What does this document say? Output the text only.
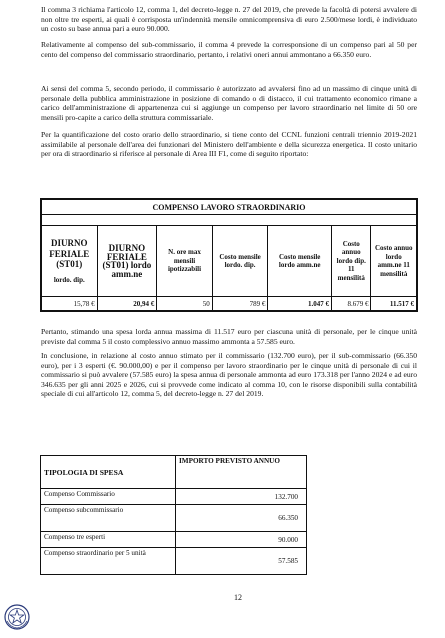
Il comma 3 richiama l'articolo 12, comma 1, del decreto-legge n. 27 del 2019, che prevede la facoltà di potersi avvalere di non oltre tre esperti, ai quali è corrisposta un'indennità mensile omnicomprensiva di euro 2.500/mese lordi, è individuato un costo su base annua pari a euro 90.000.

Relativamente al compenso del sub-commissario, il comma 4 prevede la corresponsione di un compenso pari al 50 per cento del compenso del commissario straordinario, pertanto, i relativi oneri annui ammontano a 66.350 euro.

Ai sensi del comma 5, secondo periodo, il commissario è autorizzato ad avvalersi fino ad un massimo di cinque unità di personale della pubblica amministrazione in posizione di comando o di distacco, il cui trattamento economico rimane a carico dell'amministrazione di appartenenza cui si aggiunge un compenso per lavoro straordinario nel limite di 50 ore mensili pro-capite a carico della struttura commissariale.

Per la quantificazione del costo orario dello straordinario, si tiene conto del CCNL funzioni centrali triennio 2019-2021 assimilabile al personale dell'area dei funzionari del Ministero dell'ambiente e della sicurezza energetica. Il costo unitario per ora di straordinario si riferisce al personale di Area III F1, come di seguito riportato:

COMPENSO LAVORO STRAORDINARIO						

DIURNO FERIALE (ST01)
lordo. dip.	DIURNO FERIALE (ST01) lordo amm.ne	N. ore max mensili ipotizzabili	Costo mensile lordo. dip.	Costo mensile lordo amm.ne	Costo annuo lordo dip. 11 mensilità	Costo annuo lordo amm.ne 11 mensilità
15,78 €	20,94 €	50	789 €	1.047 €	8.679 €	11.517 €

Pertanto, stimando una spesa lorda annua massima di 11.517 euro per ciascuna unità di personale, per le cinque unità previste dal comma 5 il costo complessivo annuo massimo ammonta a 57.585 euro.

In conclusione, in relazione al costo annuo stimato per il commissario (132.700 euro), per il sub-commissario (66.350 euro), per i 3 esperti (€. 90.000,00) e per il compenso per lavoro straordinario per le cinque unità di personale di cui il commissario si può avvalere (57.585 euro) la spesa annua di personale ammonta ad euro 173.318 per l'anno 2024 e ad euro 346.635 per gli anni 2025 e 2026, cui si provvede come indicato al comma 10, con le risorse disponibili sulla contabilità speciale di cui all'articolo 12, comma 5, del decreto-legge n. 27 del 2019.

TIPOLOGIA DI SPESA	IMPORTO PREVISTO ANNUO
Compenso Commissario	132.700
Compenso subcommissario	66.350
Compenso tre esperti	90.000
Compenso straordinario per 5 unità	57.585
12
